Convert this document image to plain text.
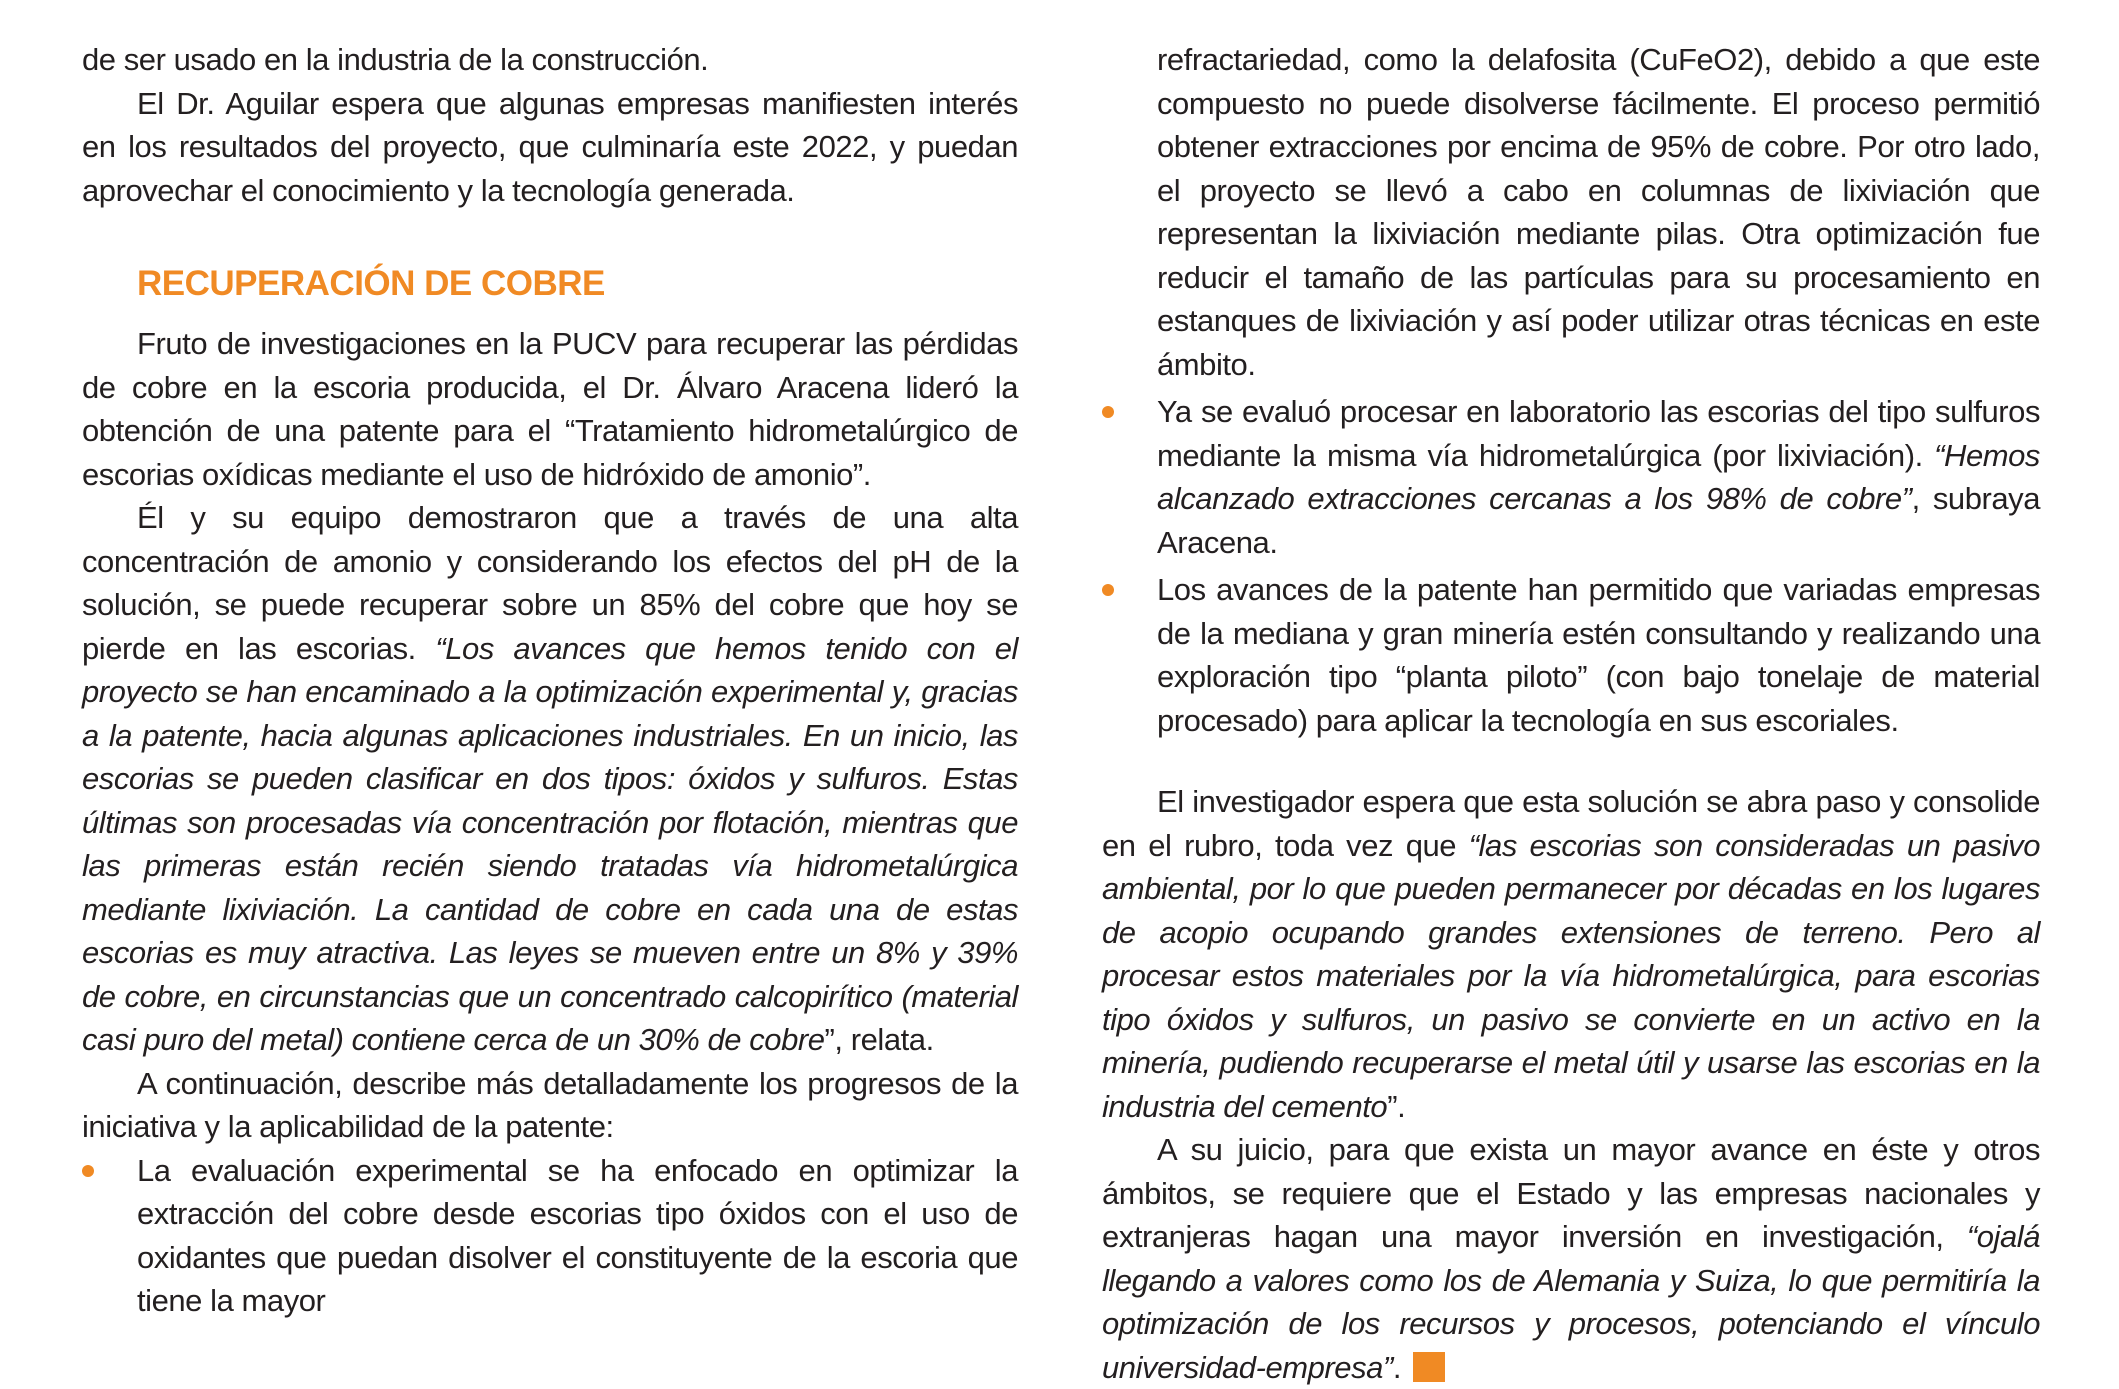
de ser usado en la industria de la construcción.

El Dr. Aguilar espera que algunas empresas manifiesten interés en los resultados del proyecto, que culminaría este 2022, y puedan aprovechar el conocimiento y la tecnología generada.

RECUPERACIÓN DE COBRE

Fruto de investigaciones en la PUCV para recuperar las pérdidas de cobre en la escoria producida, el Dr. Álvaro Aracena lideró la obtención de una patente para el “Tratamiento hidrometalúrgico de escorias oxídicas mediante el uso de hidróxido de amonio”.

Él y su equipo demostraron que a través de una alta concentración de amonio y considerando los efectos del pH de la solución, se puede recuperar sobre un 85% del cobre que hoy se pierde en las escorias. “Los avances que hemos tenido con el proyecto se han encaminado a la optimización experimental y, gracias a la patente, hacia algunas aplicaciones industriales. En un inicio, las escorias se pueden clasificar en dos tipos: óxidos y sulfuros. Estas últimas son procesadas vía concentración por flotación, mientras que las primeras están recién siendo tratadas vía hidrometalúrgica mediante lixiviación. La cantidad de cobre en cada una de estas escorias es muy atractiva. Las leyes se mueven entre un 8% y 39% de cobre, en circunstancias que un concentrado calcopirítico (material casi puro del metal) contiene cerca de un 30% de cobre”, relata.

A continuación, describe más detalladamente los progresos de la iniciativa y la aplicabilidad de la patente:

La evaluación experimental se ha enfocado en optimizar la extracción del cobre desde escorias tipo óxidos con el uso de oxidantes que puedan disolver el constituyente de la escoria que tiene la mayor
refractariedad, como la delafosita (CuFeO2), debido a que este compuesto no puede disolverse fácilmente. El proceso permitió obtener extracciones por encima de 95% de cobre. Por otro lado, el proyecto se llevó a cabo en columnas de lixiviación que representan la lixiviación mediante pilas. Otra optimización fue reducir el tamaño de las partículas para su procesamiento en estanques de lixiviación y así poder utilizar otras técnicas en este ámbito.
Ya se evaluó procesar en laboratorio las escorias del tipo sulfuros mediante la misma vía hidrometalúrgica (por lixiviación). “Hemos alcanzado extracciones cercanas a los 98% de cobre”, subraya Aracena.
Los avances de la patente han permitido que variadas empresas de la mediana y gran minería estén consultando y realizando una exploración tipo “planta piloto” (con bajo tonelaje de material procesado) para aplicar la tecnología en sus escoriales.

El investigador espera que esta solución se abra paso y consolide en el rubro, toda vez que “las escorias son consideradas un pasivo ambiental, por lo que pueden permanecer por décadas en los lugares de acopio ocupando grandes extensiones de terreno. Pero al procesar estos materiales por la vía hidrometalúrgica, para escorias tipo óxidos y sulfuros, un pasivo se convierte en un activo en la minería, pudiendo recuperarse el metal útil y usarse las escorias en la industria del cemento”.

A su juicio, para que exista un mayor avance en éste y otros ámbitos, se requiere que el Estado y las empresas nacionales y extranjeras hagan una mayor inversión en investigación, “ojalá llegando a valores como los de Alemania y Suiza, lo que permitiría la optimización de los recursos y procesos, potenciando el vínculo universidad-empresa”.	IA
